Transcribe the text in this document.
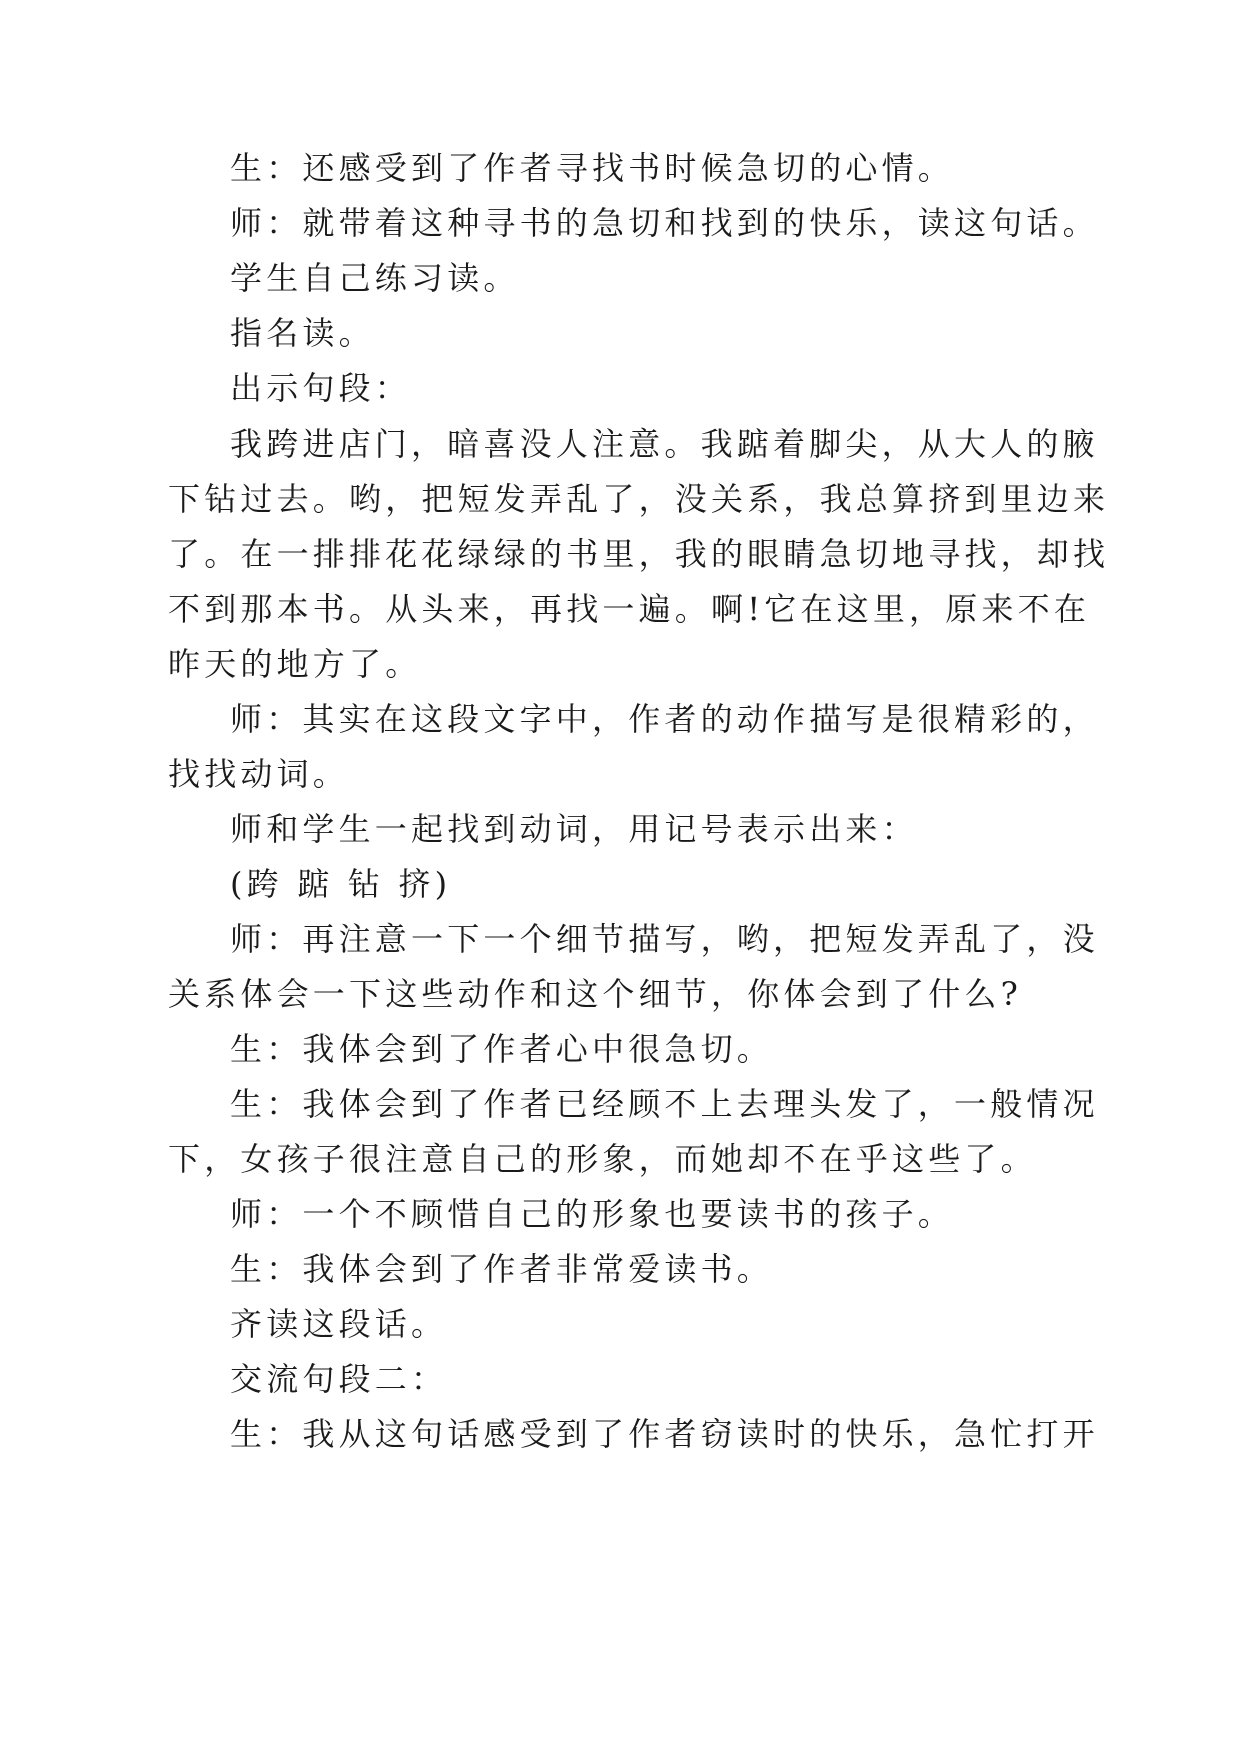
生：还感受到了作者寻找书时候急切的心情。
师：就带着这种寻书的急切和找到的快乐，读这句话。
学生自己练习读。
指名读。
出示句段：
我跨进店门，暗喜没人注意。我踮着脚尖，从大人的腋
下钻过去。哟，把短发弄乱了，没关系，我总算挤到里边来
了。在一排排花花绿绿的书里，我的眼睛急切地寻找，却找
不到那本书。从头来，再找一遍。啊!它在这里，原来不在
昨天的地方了。
师：其实在这段文字中，作者的动作描写是很精彩的，
找找动词。
师和学生一起找到动词，用记号表示出来：
(跨 踮 钻 挤)
师：再注意一下一个细节描写，哟，把短发弄乱了，没
关系体会一下这些动作和这个细节，你体会到了什么?
生：我体会到了作者心中很急切。
生：我体会到了作者已经顾不上去理头发了，一般情况
下，女孩子很注意自己的形象，而她却不在乎这些了。
师：一个不顾惜自己的形象也要读书的孩子。
生：我体会到了作者非常爱读书。
齐读这段话。
交流句段二：
生：我从这句话感受到了作者窃读时的快乐，急忙打开
